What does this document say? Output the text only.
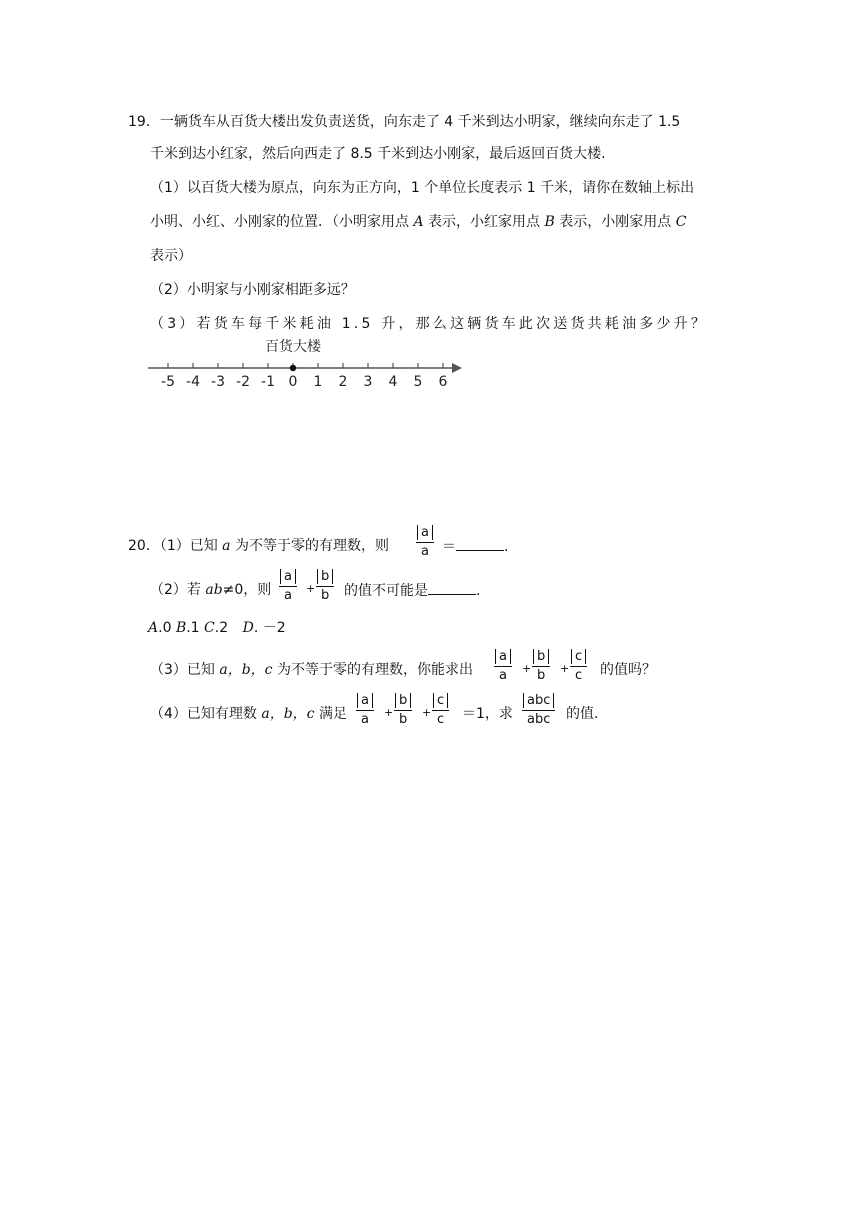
19．一辆货车从百货大楼出发负责送货，向东走了 4 千米到达小明家，继续向东走了 1.5
千米到达小红家，然后向西走了 8.5 千米到达小刚家，最后返回百货大楼.
（1）以百货大楼为原点，向东为正方向，1 个单位长度表示 1 千米，请你在数轴上标出
小明、小红、小刚家的位置．（小明家用点 A 表示，小红家用点 B 表示，小刚家用点 C
表示）
（2）小明家与小刚家相距多远？
（3）若货车每千米耗油 1.5 升，那么这辆货车此次送货共耗油多少升？
百货大楼
-5 -4 -3 -2 -1 0 1 2 3 4 5 6
20．（1）已知 a 为不等于零的有理数，则
a
a ＝	.
（2）若 ab≠0，则
a
a +
b
b 的值不可能是	.
A.0 B.1 C.2 D. －2
（3）已知 a，b，c 为不等于零的有理数，你能求出
a
a +
b
b +
c
c 的值吗？
（4）已知有理数 a，b，c 满足
a
a +
b
b +
c
c ＝1，求
abc
abc 的值.
